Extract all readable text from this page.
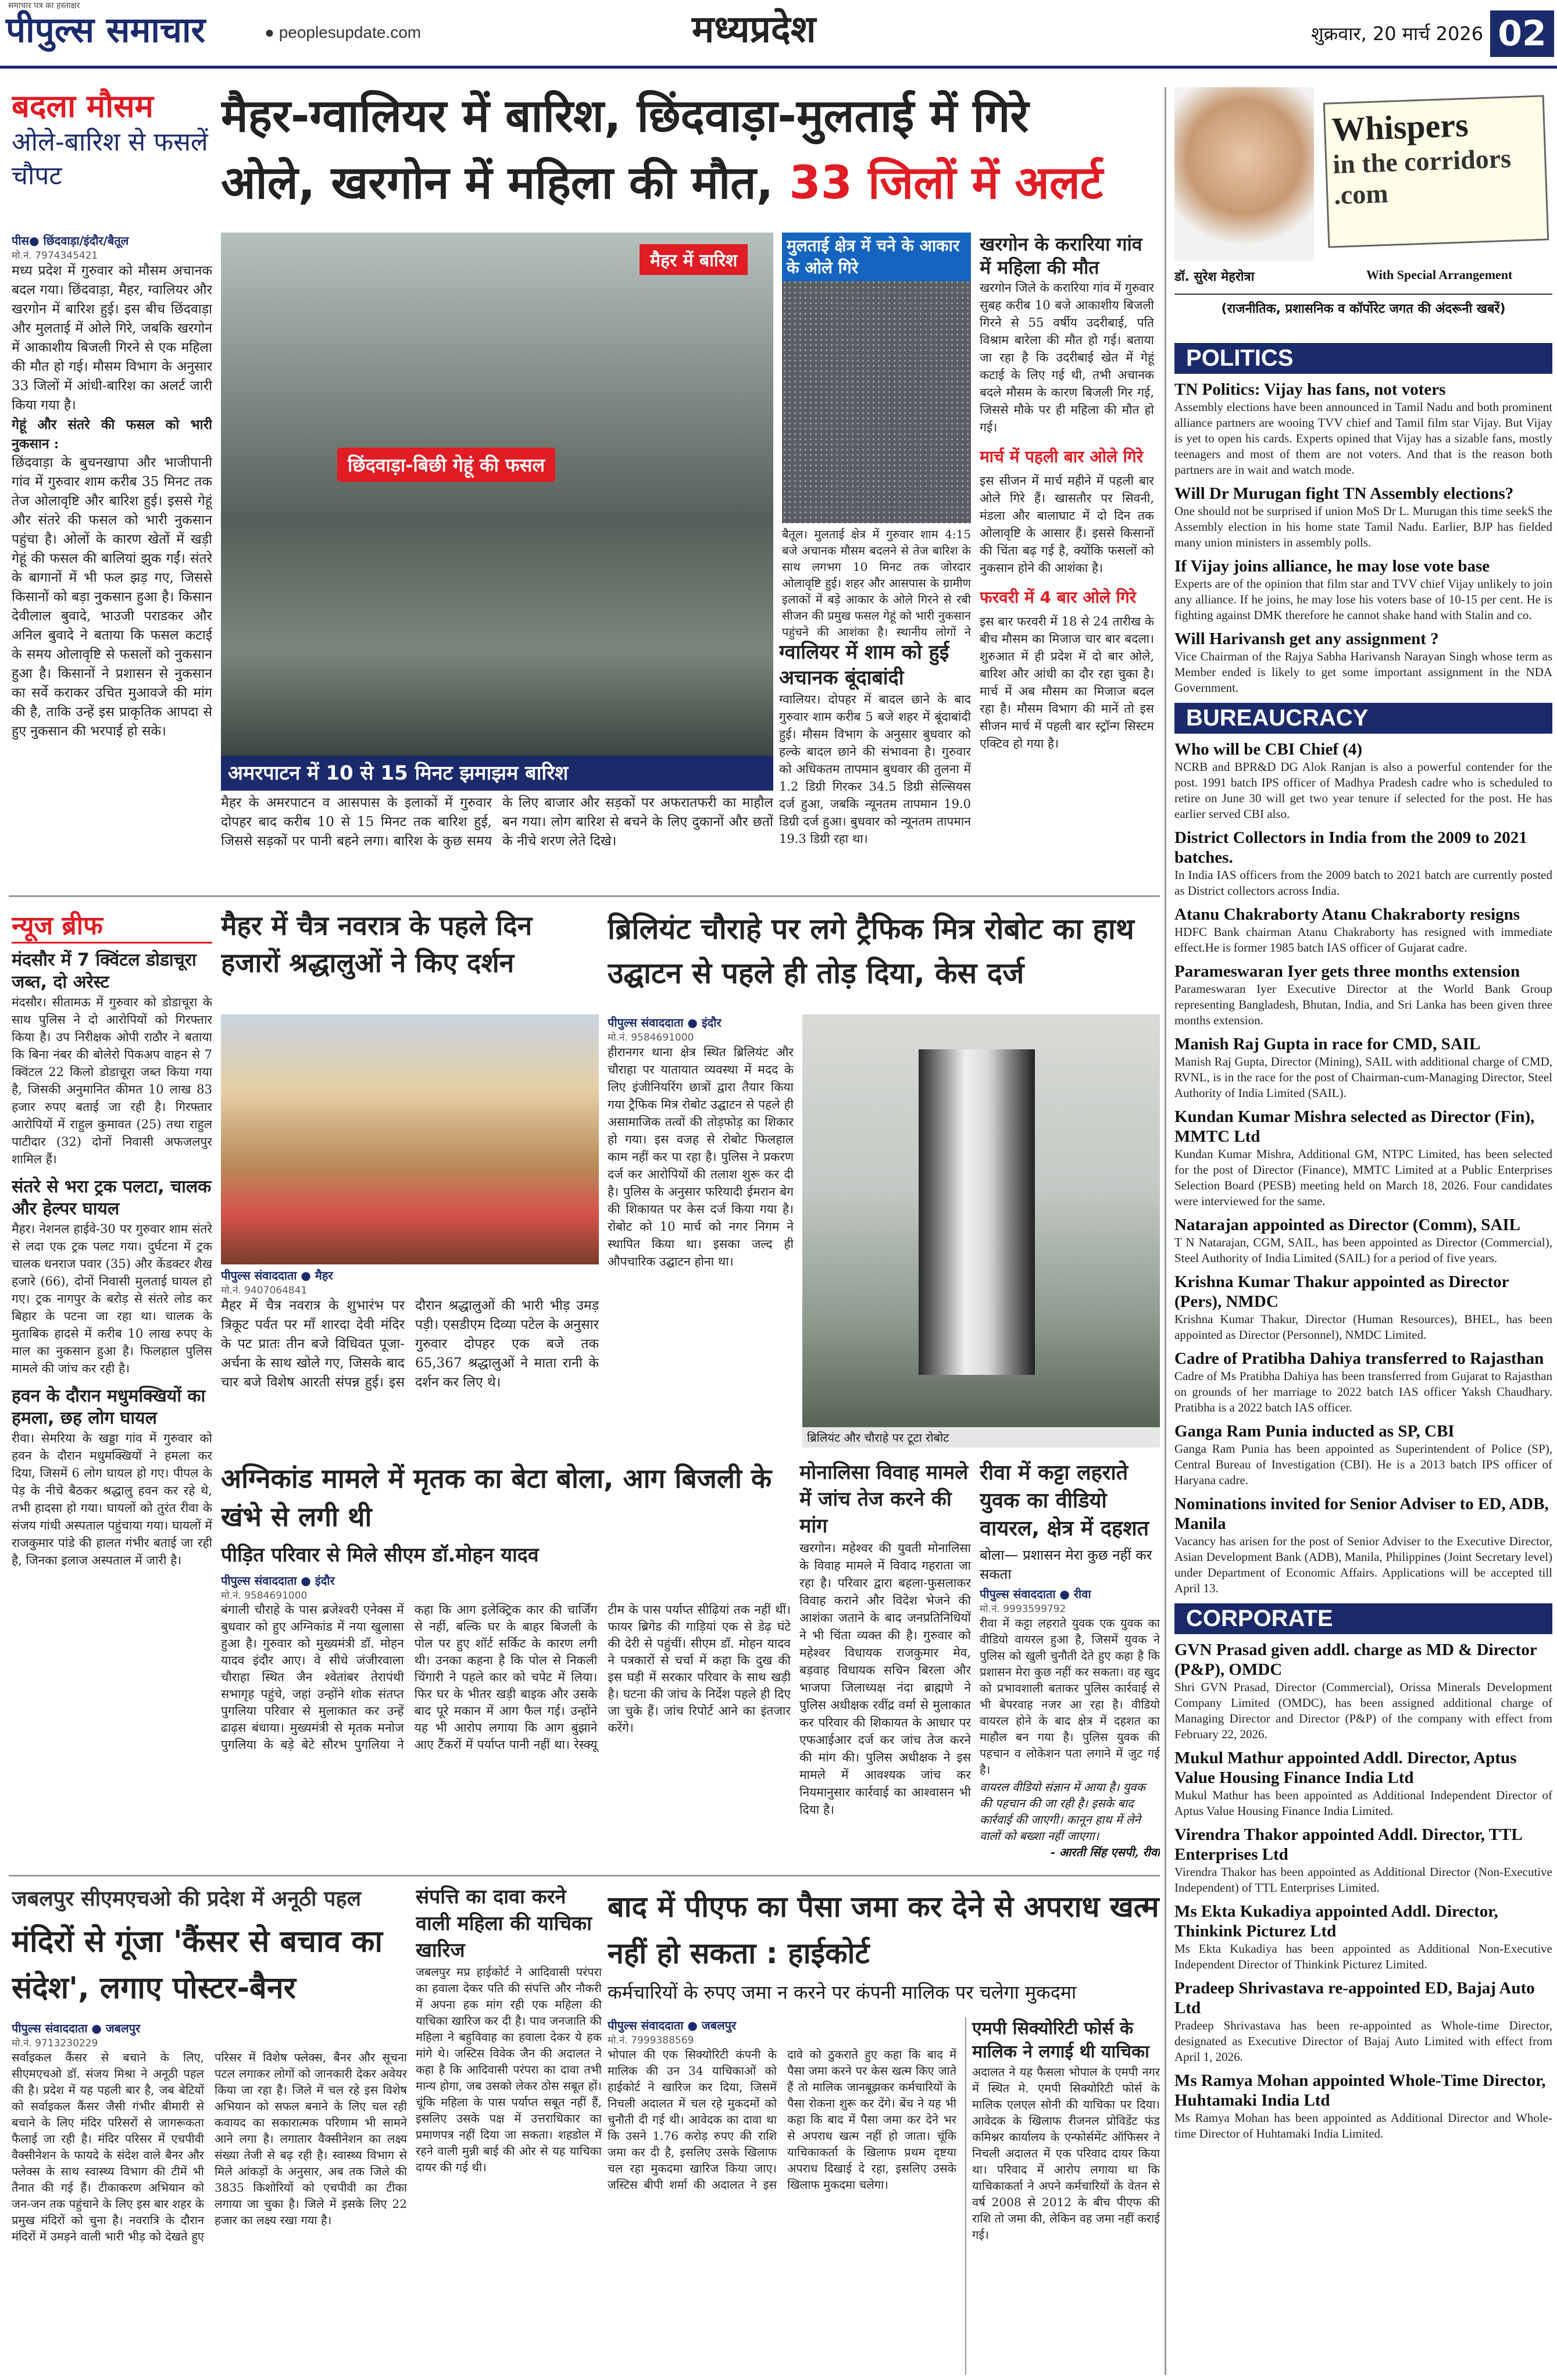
समाचार पत्र का हस्ताक्षर
पीपुल्स समाचार	● peoplesupdate.com	मध्यप्रदेश	शुक्रवार, 20 मार्च 2026 02
बदला मौसम
ओले-बारिश से फसलें चौपट
मैहर-ग्वालियर में बारिश, छिंदवाड़ा-मुलताई में गिरे
ओले, खरगोन में महिला की मौत, 33 जिलों में अलर्ट
पीस● छिंदवाड़ा/इंदौर/बैतूल
मो.नं. 7974345421

मध्य प्रदेश में गुरुवार को मौसम अचानक बदल गया। छिंदवाड़ा, मैहर, ग्वालियर और खरगोन में बारिश हुई। इस बीच छिंदवाड़ा और मुलताई में ओले गिरे, जबकि खरगोन में आकाशीय बिजली गिरने से एक महिला की मौत हो गई। मौसम विभाग के अनुसार 33 जिलों में आंधी-बारिश का अलर्ट जारी किया गया है।

गेहूं और संतरे की फसल को भारी नुकसान :

छिंदवाड़ा के बुचनखापा और भाजीपानी गांव में गुरुवार शाम करीब 35 मिनट तक तेज ओलावृष्टि और बारिश हुई। इससे गेहूं और संतरे की फसल को भारी नुकसान पहुंचा है। ओलों के कारण खेतों में खड़ी गेहूं की फसल की बालियां झुक गईं। संतरे के बागानों में भी फल झड़ गए, जिससे किसानों को बड़ा नुकसान हुआ है। किसान देवीलाल बुवादे, भाउजी पराडकर और अनिल बुवादे ने बताया कि फसल कटाई के समय ओलावृष्टि से फसलों को नुकसान हुआ है। किसानों ने प्रशासन से नुकसान का सर्वे कराकर उचित मुआवजे की मांग की है, ताकि उन्हें इस प्राकृतिक आपदा से हुए नुकसान की भरपाई हो सके।

मैहर में बारिश
छिंदवाड़ा-बिछी गेहूं की फसल
अमरपाटन में 10 से 15 मिनट झमाझम बारिश
मैहर के अमरपाटन व आसपास के इलाकों में गुरुवार दोपहर बाद करीब 10 से 15 मिनट तक बारिश हुई, जिससे सड़कों पर पानी बहने लगा। बारिश के कुछ समय के लिए बाजार और सड़कों पर अफरातफरी का माहौल बन गया। लोग बारिश से बचने के लिए दुकानों और छतों के नीचे शरण लेते दिखे।
ग्वालियर में शाम को हुई अचानक बूंदाबांदी

ग्वालियर। दोपहर में बादल छाने के बाद गुरुवार शाम करीब 5 बजे शहर में बूंदाबांदी हुई। मौसम विभाग के अनुसार बुधवार को हल्के बादल छाने की संभावना है। गुरुवार को अधिकतम तापमान बुधवार की तुलना में 1.2 डिग्री गिरकर 34.5 डिग्री सेल्सियस दर्ज हुआ, जबकि न्यूनतम तापमान 19.0 डिग्री दर्ज हुआ। बुधवार को न्यूनतम तापमान 19.3 डिग्री रहा था।

मुलताई क्षेत्र में चने के आकार के ओले गिरे
बैतूल। मुलताई क्षेत्र में गुरुवार शाम 4:15 बजे अचानक मौसम बदलने से तेज बारिश के साथ लगभग 10 मिनट तक जोरदार ओलावृष्टि हुई। शहर और आसपास के ग्रामीण इलाकों में बड़े आकार के ओले गिरने से रबी सीजन की प्रमुख फसल गेहूं को भारी नुकसान पहुंचने की आशंका है। स्थानीय लोगों ने
खरगोन के करारिया गांव में महिला की मौत

खरगोन जिले के करारिया गांव में गुरुवार सुबह करीब 10 बजे आकाशीय बिजली गिरने से 55 वर्षीय उदरीबाई, पति विश्राम बारेला की मौत हो गई। बताया जा रहा है कि उदरीबाई खेत में गेहूं कटाई के लिए गई थी, तभी अचानक बदले मौसम के कारण बिजली गिर गई, जिससे मौके पर ही महिला की मौत हो गई।

मार्च में पहली बार ओले गिरे

इस सीजन में मार्च महीने में पहली बार ओले गिरे हैं। खासतौर पर सिवनी, मंडला और बालाघाट में दो दिन तक ओलावृष्टि के आसार हैं। इससे किसानों की चिंता बढ़ गई है, क्योंकि फसलों को नुकसान होने की आशंका है।

फरवरी में 4 बार ओले गिरे

इस बार फरवरी में 18 से 24 तारीख के बीच मौसम का मिजाज चार बार बदला। शुरुआत में ही प्रदेश में दो बार ओले, बारिश और आंधी का दौर रहा चुका है। मार्च में अब मौसम का मिजाज बदल रहा है। मौसम विभाग की मानें तो इस सीजन मार्च में पहली बार स्ट्रॉन्ग सिस्टम एक्टिव हो गया है।

न्यूज ब्रीफ
मंदसौर में 7 क्विंटल डोडाचूरा जब्त, दो अरेस्ट

मंदसौर। सीतामऊ में गुरुवार को डोडाचूरा के साथ पुलिस ने दो आरोपियों को गिरफ्तार किया है। उप निरीक्षक ओपी राठौर ने बताया कि बिना नंबर की बोलेरो पिकअप वाहन से 7 क्विंटल 22 किलो डोडाचूरा जब्त किया गया है, जिसकी अनुमानित कीमत 10 लाख 83 हजार रुपए बताई जा रही है। गिरफ्तार आरोपियों में राहुल कुमावत (25) तथा राहुल पाटीदार (32) दोनों निवासी अफजलपुर शामिल हैं।

संतरे से भरा ट्रक पलटा, चालक और हेल्पर घायल

मैहर। नेशनल हाईवे-30 पर गुरुवार शाम संतरे से लदा एक ट्रक पलट गया। दुर्घटना में ट्रक चालक धनराज पवार (35) और केंडक्टर शैख हजारे (66), दोनों निवासी मुलताई घायल हो गए। ट्रक नागपुर के बरोड़ से संतरे लोड कर बिहार के पटना जा रहा था। चालक के मुताबिक हादसे में करीब 10 लाख रुपए के माल का नुकसान हुआ है। फिलहाल पुलिस मामले की जांच कर रही है।

हवन के दौरान मधुमक्खियों का हमला, छह लोग घायल

रीवा। सेमरिया के खड्डा गांव में गुरुवार को हवन के दौरान मधुमक्खियों ने हमला कर दिया, जिसमें 6 लोग घायल हो गए। पीपल के पेड़ के नीचे बैठकर श्रद्धालु हवन कर रहे थे, तभी हादसा हो गया। घायलों को तुरंत रीवा के संजय गांधी अस्पताल पहुंचाया गया। घायलों में राजकुमार पांडे की हालत गंभीर बताई जा रही है, जिनका इलाज अस्पताल में जारी है।

मैहर में चैत्र नवरात्र के पहले दिन हजारों श्रद्धालुओं ने किए दर्शन
पीपुल्स संवाददाता ● मैहर
मो.नं. 9407064841

मैहर में चैत्र नवरात्र के शुभारंभ पर त्रिकूट पर्वत पर माँ शारदा देवी मंदिर के पट प्रातः तीन बजे विधिवत पूजा-अर्चना के साथ खोले गए, जिसके बाद चार बजे विशेष आरती संपन्न हुई। इस दौरान श्रद्धालुओं की भारी भीड़ उमड़ पड़ी। एसडीएम दिव्या पटेल के अनुसार गुरुवार दोपहर एक बजे तक 65,367 श्रद्धालुओं ने माता रानी के दर्शन कर लिए थे।

ब्रिलियंट चौराहे पर लगे ट्रैफिक मित्र रोबोट का हाथ उद्घाटन से पहले ही तोड़ दिया, केस दर्ज
पीपुल्स संवाददाता ● इंदौर
मो.नं. 9584691000

हीरानगर थाना क्षेत्र स्थित ब्रिलियंट और चौराहा पर यातायात व्यवस्था में मदद के लिए इंजीनियरिंग छात्रों द्वारा तैयार किया गया ट्रैफिक मित्र रोबोट उद्घाटन से पहले ही असामाजिक तत्वों की तोड़फोड़ का शिकार हो गया। इस वजह से रोबोट फिलहाल काम नहीं कर पा रहा है। पुलिस ने प्रकरण दर्ज कर आरोपियों की तलाश शुरू कर दी है। पुलिस के अनुसार फरियादी ईमरान बेग की शिकायत पर केस दर्ज किया गया है। रोबोट को 10 मार्च को नगर निगम ने स्थापित किया था। इसका जल्द ही औपचारिक उद्घाटन होना था।

ब्रिलियंट और चौराहे पर टूटा रोबोट
अग्निकांड मामले में मृतक का बेटा बोला, आग बिजली के खंभे से लगी थी
पीड़ित परिवार से मिले सीएम डॉ.मोहन यादव
पीपुल्स संवाददाता ● इंदौर
मो.नं. 9584691000

बंगाली चौराहे के पास ब्रजेश्वरी एनेक्स में बुधवार को हुए अग्निकांड में नया खुलासा हुआ है। गुरुवार को मुख्यमंत्री डॉ. मोहन यादव इंदौर आए। वे सीधे जंजीरवाला चौराहा स्थित जैन श्वेतांबर तेरापंथी सभागृह पहुंचे, जहां उन्होंने शोक संतप्त पुगलिया परिवार से मुलाकात कर उन्हें ढाढ़स बंधाया। मुख्यमंत्री से मृतक मनोज पुगलिया के बड़े बेटे सौरभ पुगलिया ने कहा कि आग इलेक्ट्रिक कार की चार्जिंग से नहीं, बल्कि घर के बाहर बिजली के पोल पर हुए शॉर्ट सर्किट के कारण लगी थी। उनका कहना है कि पोल से निकली चिंगारी ने पहले कार को चपेट में लिया। फिर घर के भीतर खड़ी बाइक और उसके बाद पूरे मकान में आग फैल गई। उन्होंने यह भी आरोप लगाया कि आग बुझाने आए टैंकरों में पर्याप्त पानी नहीं था। रेस्क्यू टीम के पास पर्याप्त सीढ़ियां तक नहीं थीं। फायर ब्रिगेड की गाड़ियां एक से डेढ़ घंटे की देरी से पहुंचीं। सीएम डॉ. मोहन यादव ने पत्रकारों से चर्चा में कहा कि दुख की इस घड़ी में सरकार परिवार के साथ खड़ी है। घटना की जांच के निर्देश पहले ही दिए जा चुके हैं। जांच रिपोर्ट आने का इंतजार करेंगे।

मोनालिसा विवाह मामले में जांच तेज करने की मांग

खरगोन। महेश्वर की युवती मोनालिसा के विवाह मामले में विवाद गहराता जा रहा है। परिवार द्वारा बहला-फुसलाकर विवाह कराने और विदेश भेजने की आशंका जताने के बाद जनप्रतिनिधियों ने भी चिंता व्यक्त की है। गुरुवार को महेश्वर विधायक राजकुमार मेव, बड़वाह विधायक सचिन बिरला और भाजपा जिलाध्यक्ष नंदा ब्राह्मणे ने पुलिस अधीक्षक रवींद्र वर्मा से मुलाकात कर परिवार की शिकायत के आधार पर एफआईआर दर्ज कर जांच तेज करने की मांग की। पुलिस अधीक्षक ने इस मामले में आवश्यक जांच कर नियमानुसार कार्रवाई का आश्वासन भी दिया है।

रीवा में कट्टा लहराते युवक का वीडियो वायरल, क्षेत्र में दहशत
बोला— प्रशासन मेरा कुछ नहीं कर सकता
पीपुल्स संवाददाता ● रीवा
मो.नं. 9993599792

रीवा में कट्टा लहराते युवक एक युवक का वीडियो वायरल हुआ है, जिसमें युवक ने पुलिस को खुली चुनौती देते हुए कहा है कि प्रशासन मेरा कुछ नहीं कर सकता। वह खुद को प्रभावशाली बताकर पुलिस कार्रवाई से भी बेपरवाह नजर आ रहा है। वीडियो वायरल होने के बाद क्षेत्र में दहशत का माहौल बन गया है। पुलिस युवक की पहचान व लोकेशन पता लगाने में जुट गई है।

वायरल वीडियो संज्ञान में आया है। युवक की पहचान की जा रही है। इसके बाद कार्रवाई की जाएगी। कानून हाथ में लेने वालों को बख्शा नहीं जाएगा।
- आरती सिंह एसपी, रीवा
जबलपुर सीएमएचओ की प्रदेश में अनूठी पहल
मंदिरों से गूंजा 'कैंसर से बचाव का संदेश', लगाए पोस्टर-बैनर
पीपुल्स संवाददाता ● जबलपुर
मो.नं. 9713230229

सर्वाइकल कैंसर से बचाने के लिए, सीएमएचओ डॉ. संजय मिश्रा ने अनूठी पहल की है। प्रदेश में यह पहली बार है, जब बेटियों को सर्वाइकल कैंसर जैसी गंभीर बीमारी से बचाने के लिए मंदिर परिसरों से जागरूकता फैलाई जा रही है। मंदिर परिसर में एचपीवी वैक्सीनेशन के फायदे के संदेश वाले बैनर और फ्लेक्स के साथ स्वास्थ्य विभाग की टीमें भी तैनात की गई हैं। टीकाकरण अभियान को जन-जन तक पहुंचाने के लिए इस बार शहर के प्रमुख मंदिरों को चुना है। नवरात्रि के दौरान मंदिरों में उमड़ने वाली भारी भीड़ को देखते हुए परिसर में विशेष फ्लेक्स, बैनर और सूचना पटल लगाकर लोगों को जानकारी देकर अवेयर किया जा रहा है। जिले में चल रहे इस विशेष अभियान को सफल बनाने के लिए चल रही कवायद का सकारात्मक परिणाम भी सामने आने लगा है। लगातार वैक्सीनेशन का लक्ष्य संख्या तेजी से बढ़ रही है। स्वास्थ्य विभाग से मिले आंकड़ों के अनुसार, अब तक जिले की 3835 किशोरियों को एचपीवी का टीका लगाया जा चुका है। जिले में इसके लिए 22 हजार का लक्ष्य रखा गया है।

संपत्ति का दावा करने वाली महिला की याचिका खारिज

जबलपुर मप्र हाईकोर्ट ने आदिवासी परंपरा का हवाला देकर पति की संपत्ति और नौकरी में अपना हक मांग रही एक महिला की याचिका खारिज कर दी है। पाव जनजाति की महिला ने बहुविवाह का हवाला देकर ये हक मांगे थे। जस्टिस विवेक जैन की अदालत ने कहा है कि आदिवासी परंपरा का दावा तभी मान्य होगा, जब उसको लेकर ठोस सबूत हों। चूंकि महिला के पास पर्याप्त सबूत नहीं हैं, इसलिए उसके पक्ष में उत्तराधिकार का प्रमाणपत्र नहीं दिया जा सकता। शहडोल में रहने वाली मुन्नी बाई की ओर से यह याचिका दायर की गई थी।

बाद में पीएफ का पैसा जमा कर देने से अपराध खत्म नहीं हो सकता : हाईकोर्ट
कर्मचारियों के रुपए जमा न करने पर कंपनी मालिक पर चलेगा मुकदमा
पीपुल्स संवाददाता ● जबलपुर
मो.नं. 7999388569

भोपाल की एक सिक्योरिटी कंपनी के मालिक की उन 34 याचिकाओं को हाईकोर्ट ने खारिज कर दिया, जिसमें निचली अदालत में चल रहे मुकदमों को चुनौती दी गई थी। आवेदक का दावा था कि उसने 1.76 करोड़ रुपए की राशि जमा कर दी है, इसलिए उसके खिलाफ चल रहा मुकदमा खारिज किया जाए। जस्टिस बीपी शर्मा की अदालत ने इस दावे को ठुकराते हुए कहा कि बाद में पैसा जमा करने पर केस खत्म किए जाते हैं तो मालिक जानबूझकर कर्मचारियों के पैसा रोकना शुरू कर देंगे। बेंच ने यह भी कहा कि बाद में पैसा जमा कर देने भर से अपराध खत्म नहीं हो जाता। चूंकि याचिकाकर्ता के खिलाफ प्रथम दृष्टया अपराध दिखाई दे रहा, इसलिए उसके खिलाफ मुकदमा चलेगा।

एमपी सिक्योरिटी फोर्स के मालिक ने लगाई थी याचिका

अदालत ने यह फैसला भोपाल के एमपी नगर में स्थित मे. एमपी सिक्योरिटी फोर्स के मालिक एलएल सोनी की याचिका पर दिया। आवेदक के खिलाफ रीजनल प्रोविडेंट फंड कमिश्नर कार्यालय के एन्फोर्समेंट ऑफिसर ने निचली अदालत में एक परिवाद दायर किया था। परिवाद में आरोप लगाया था कि याचिकाकर्ता ने अपने कर्मचारियों के वेतन से वर्ष 2008 से 2012 के बीच पीएफ की राशि तो जमा की, लेकिन वह जमा नहीं कराई गई।

Whispers
in the corridors
.com
डॉ. सुरेश मेहरोत्रा	With Special Arrangement
(राजनीतिक, प्रशासनिक व कॉर्पोरेट जगत की अंदरूनी खबरें)
POLITICS
TN Politics: Vijay has fans, not voters

Assembly elections have been announced in Tamil Nadu and both prominent alliance partners are wooing TVV chief and Tamil film star Vijay. But Vijay is yet to open his cards. Experts opined that Vijay has a sizable fans, mostly teenagers and most of them are not voters. And that is the reason both partners are in wait and watch mode.

Will Dr Murugan fight TN Assembly elections?

One should not be surprised if union MoS Dr L. Murugan this time seekS the Assembly election in his home state Tamil Nadu. Earlier, BJP has fielded many union ministers in assembly polls.

If Vijay joins alliance, he may lose vote base

Experts are of the opinion that film star and TVV chief Vijay unlikely to join any alliance. If he joins, he may lose his voters base of 10-15 per cent. He is fighting against DMK therefore he cannot shake hand with Stalin and co.

Will Harivansh get any assignment ?

Vice Chairman of the Rajya Sabha Harivansh Narayan Singh whose term as Member ended is likely to get some important assignment in the NDA Government.

BUREAUCRACY
Who will be CBI Chief (4)

NCRB and BPR&D DG Alok Ranjan is also a powerful contender for the post. 1991 batch IPS officer of Madhya Pradesh cadre who is scheduled to retire on June 30 will get two year tenure if selected for the post. He has earlier served CBI also.

District Collectors in India from the 2009 to 2021 batches.

In India IAS officers from the 2009 batch to 2021 batch are currently posted as District collectors across India.

Atanu Chakraborty Atanu Chakraborty resigns

HDFC Bank chairman Atanu Chakraborty has resigned with immediate effect.He is former 1985 batch IAS officer of Gujarat cadre.

Parameswaran Iyer gets three months extension

Parameswaran Iyer Executive Director at the World Bank Group representing Bangladesh, Bhutan, India, and Sri Lanka has been given three months extension.

Manish Raj Gupta in race for CMD, SAIL

Manish Raj Gupta, Director (Mining), SAIL with additional charge of CMD, RVNL, is in the race for the post of Chairman-cum-Managing Director, Steel Authority of India Limited (SAIL).

Kundan Kumar Mishra selected as Director (Fin), MMTC Ltd

Kundan Kumar Mishra, Additional GM, NTPC Limited, has been selected for the post of Director (Finance), MMTC Limited at a Public Enterprises Selection Board (PESB) meeting held on March 18, 2026. Four candidates were interviewed for the same.

Natarajan appointed as Director (Comm), SAIL

T N Natarajan, CGM, SAIL, has been appointed as Director (Commercial), Steel Authority of India Limited (SAIL) for a period of five years.

Krishna Kumar Thakur appointed as Director (Pers), NMDC

Krishna Kumar Thakur, Director (Human Resources), BHEL, has been appointed as Director (Personnel), NMDC Limited.

Cadre of Pratibha Dahiya transferred to Rajasthan

Cadre of Ms Pratibha Dahiya has been transferred from Gujarat to Rajasthan on grounds of her marriage to 2022 batch IAS officer Yaksh Chaudhary. Pratibha is a 2022 batch IAS officer.

Ganga Ram Punia inducted as SP, CBI

Ganga Ram Punia has been appointed as Superintendent of Police (SP), Central Bureau of Investigation (CBI). He is a 2013 batch IPS officer of Haryana cadre.

Nominations invited for Senior Adviser to ED, ADB, Manila

Vacancy has arisen for the post of Senior Adviser to the Executive Director, Asian Development Bank (ADB), Manila, Philippines (Joint Secretary level) under Department of Economic Affairs. Applications will be accepted till April 13.

CORPORATE
GVN Prasad given addl. charge as MD & Director (P&P), OMDC

Shri GVN Prasad, Director (Commercial), Orissa Minerals Development Company Limited (OMDC), has been assigned additional charge of Managing Director and Director (P&P) of the company with effect from February 22, 2026.

Mukul Mathur appointed Addl. Director, Aptus Value Housing Finance India Ltd

Mukul Mathur has been appointed as Additional Independent Director of Aptus Value Housing Finance India Limited.

Virendra Thakor appointed Addl. Director, TTL Enterprises Ltd

Virendra Thakor has been appointed as Additional Director (Non-Executive Independent) of TTL Enterprises Limited.

Ms Ekta Kukadiya appointed Addl. Director, Thinkink Picturez Ltd

Ms Ekta Kukadiya has been appointed as Additional Non-Executive Independent Director of Thinkink Picturez Limited.

Pradeep Shrivastava re-appointed ED, Bajaj Auto Ltd

Pradeep Shrivastava has been re-appointed as Whole-time Director, designated as Executive Director of Bajaj Auto Limited with effect from April 1, 2026.

Ms Ramya Mohan appointed Whole-Time Director, Huhtamaki India Ltd

Ms Ramya Mohan has been appointed as Additional Director and Whole-time Director of Huhtamaki India Limited.
